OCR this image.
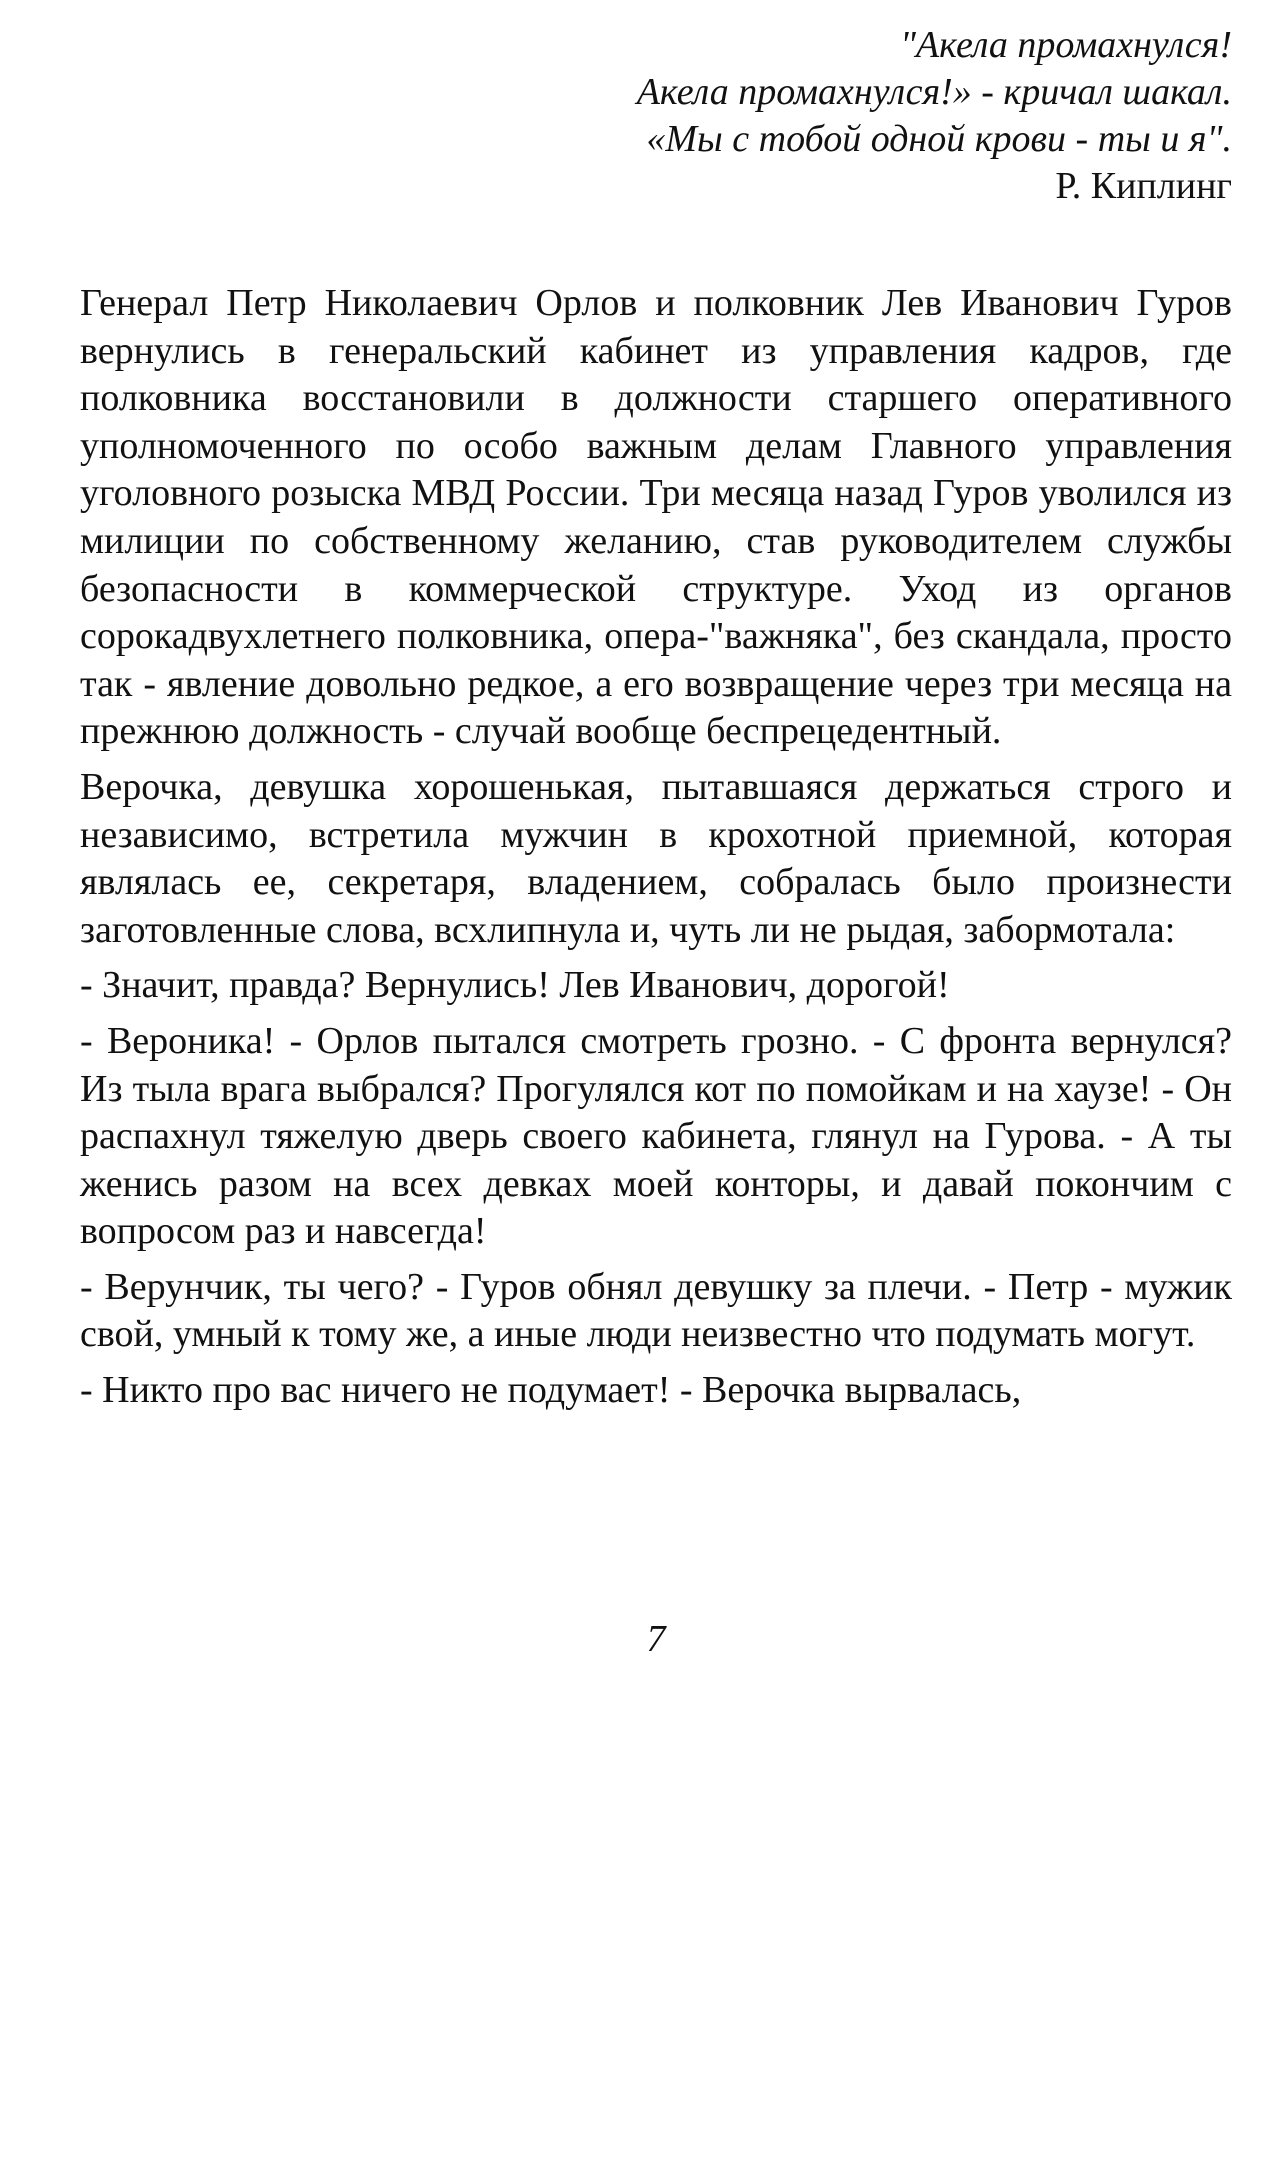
"Акела промахнулся!
Акела промахнулся!» - кричал шакал.
«Мы с тобой одной крови - ты и я".
Р. Киплинг

Генерал Петр Николаевич Орлов и полковник Лев Иванович Гуров вернулись в генеральский кабинет из управления кадров, где полковника восстановили в должности старшего оперативного уполномоченного по особо важным делам Главного управления уголовного розыска МВД России. Три месяца назад Гуров уволился из милиции по собственному желанию, став руководителем службы безопасности в коммерческой структуре. Уход из органов сорокадвухлетнего полковника, опера-"важняка", без скандала, просто так - явление довольно редкое, а его возвращение через три месяца на прежнюю должность - случай вообще беспрецедентный.

Верочка, девушка хорошенькая, пытавшаяся держаться строго и независимо, встретила мужчин в крохотной приемной, которая являлась ее, секретаря, владением, собралась было произнести заготовленные слова, всхлипнула и, чуть ли не рыдая, забормотала:

- Значит, правда? Вернулись! Лев Иванович, дорогой!

- Вероника! - Орлов пытался смотреть грозно. - С фронта вернулся? Из тыла врага выбрался? Прогулялся кот по помойкам и на хаузе! - Он распахнул тяжелую дверь своего кабинета, глянул на Гурова. - А ты женись разом на всех девках моей конторы, и давай покончим с вопросом раз и навсегда!

- Верунчик, ты чего? - Гуров обнял девушку за плечи. - Петр - мужик свой, умный к тому же, а иные люди неизвестно что подумать могут.

- Никто про вас ничего не подумает! - Верочка вырвалась,

7
